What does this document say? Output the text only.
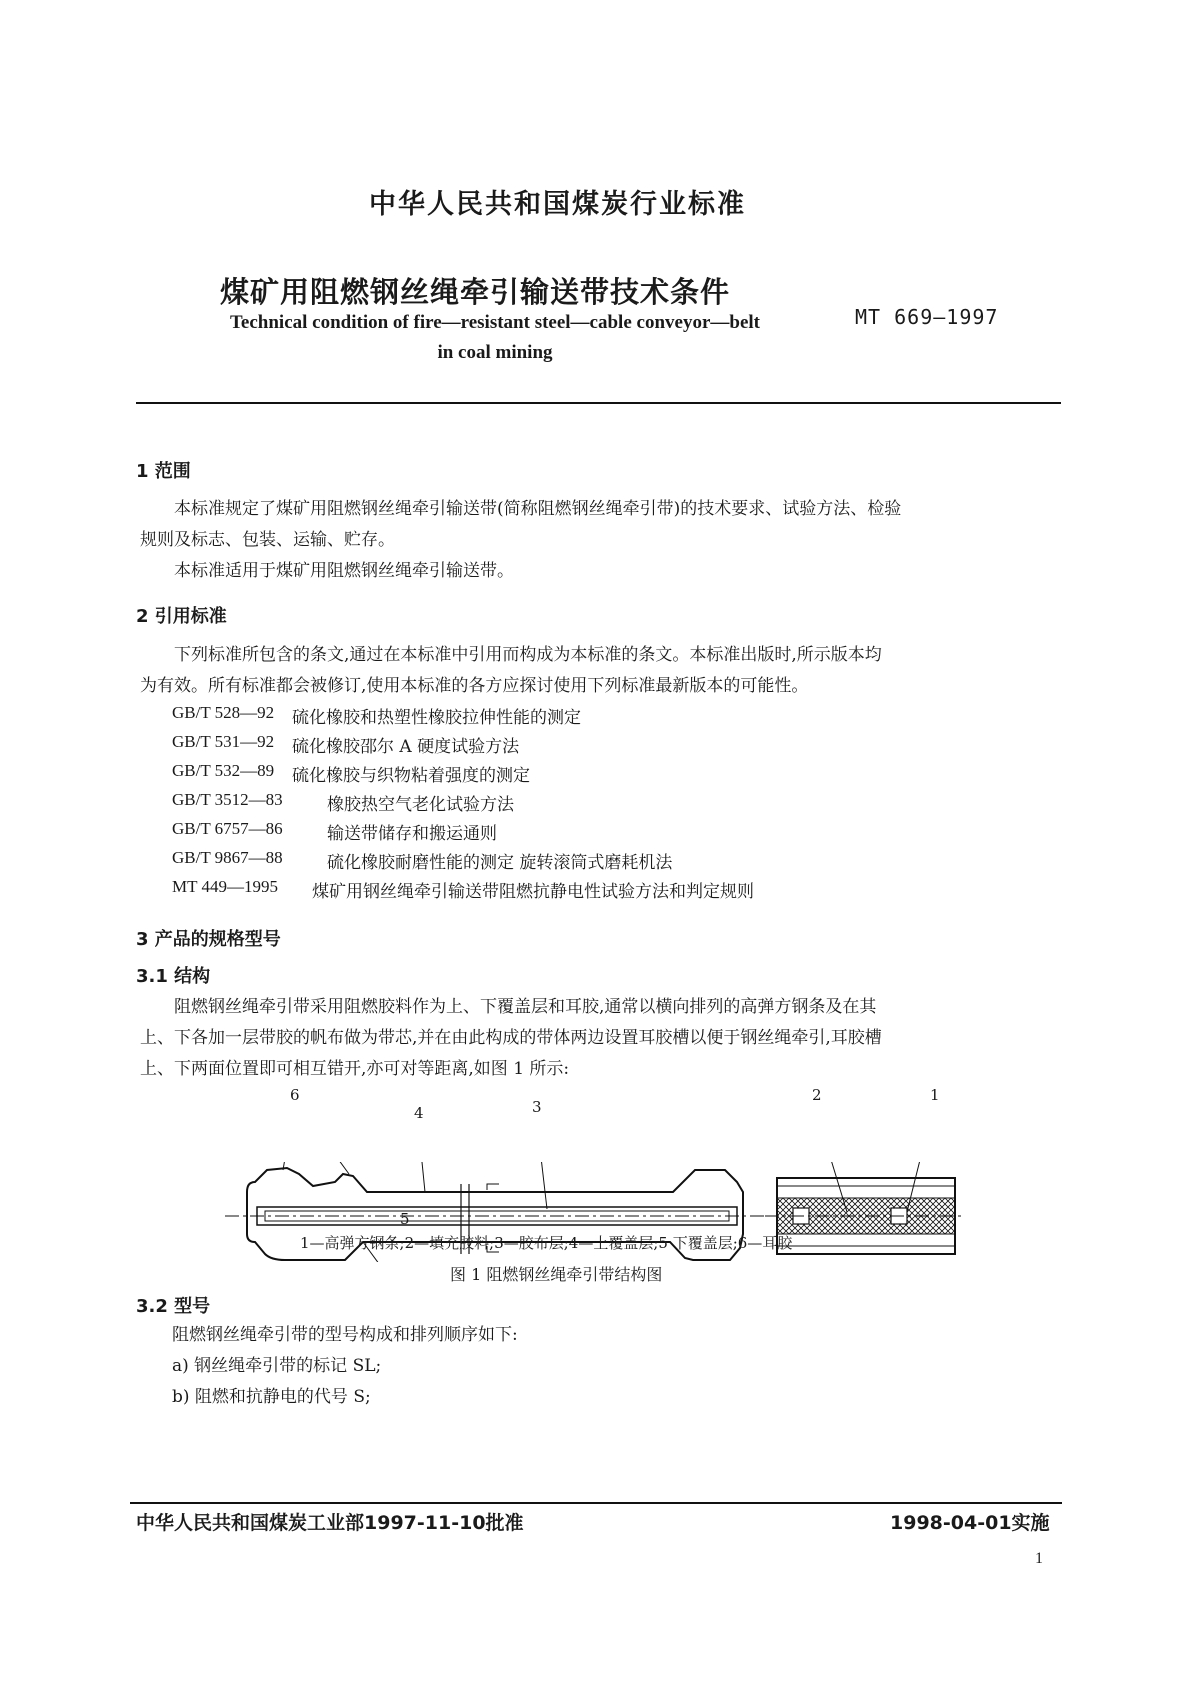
中华人民共和国煤炭行业标准
煤矿用阻燃钢丝绳牵引输送带技术条件
MT 669—1997
Technical condition of fire—resistant steel—cable conveyor—belt
in coal mining
1 范围
本标准规定了煤矿用阻燃钢丝绳牵引输送带(简称阻燃钢丝绳牵引带)的技术要求、试验方法、检验
规则及标志、包装、运输、贮存。
本标准适用于煤矿用阻燃钢丝绳牵引输送带。
2 引用标准
下列标准所包含的条文,通过在本标准中引用而构成为本标准的条文。本标准出版时,所示版本均
为有效。所有标准都会被修订,使用本标准的各方应探讨使用下列标准最新版本的可能性。
GB/T 528—92 硫化橡胶和热塑性橡胶拉伸性能的测定
GB/T 531—92 硫化橡胶邵尔 A 硬度试验方法
GB/T 532—89 硫化橡胶与织物粘着强度的测定
GB/T 3512—83	橡胶热空气老化试验方法
GB/T 6757—86	输送带储存和搬运通则
GB/T 9867—88	硫化橡胶耐磨性能的测定 旋转滚筒式磨耗机法
MT 449—1995 煤矿用钢丝绳牵引输送带阻燃抗静电性试验方法和判定规则
3 产品的规格型号
3.1 结构
阻燃钢丝绳牵引带采用阻燃胶料作为上、下覆盖层和耳胶,通常以横向排列的高弹方钢条及在其
上、下各加一层带胶的帆布做为带芯,并在由此构成的带体两边设置耳胶槽以便于钢丝绳牵引,耳胶槽
上、下两面位置即可相互错开,亦可对等距离,如图 1 所示:
6
4	3
5
2	1
1—高弹方钢条;2—填充胶料;3—胶布层;4—上覆盖层;5 下覆盖层;6—耳胶
图 1 阻燃钢丝绳牵引带结构图
3.2 型号
阻燃钢丝绳牵引带的型号构成和排列顺序如下:
a) 钢丝绳牵引带的标记 SL;
b) 阻燃和抗静电的代号 S;
中华人民共和国煤炭工业部1997-11-10批准	1998-04-01实施
1
